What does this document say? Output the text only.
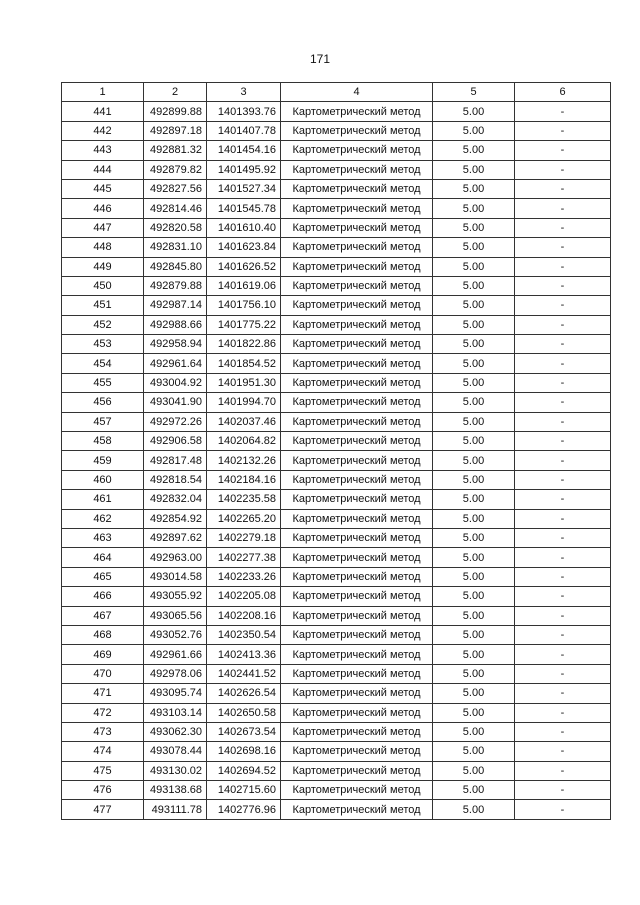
171
1	2	3	4	5	6
441	492899.88	1401393.76	Картометрический метод	5.00	-
442	492897.18	1401407.78	Картометрический метод	5.00	-
443	492881.32	1401454.16	Картометрический метод	5.00	-
444	492879.82	1401495.92	Картометрический метод	5.00	-
445	492827.56	1401527.34	Картометрический метод	5.00	-
446	492814.46	1401545.78	Картометрический метод	5.00	-
447	492820.58	1401610.40	Картометрический метод	5.00	-
448	492831.10	1401623.84	Картометрический метод	5.00	-
449	492845.80	1401626.52	Картометрический метод	5.00	-
450	492879.88	1401619.06	Картометрический метод	5.00	-
451	492987.14	1401756.10	Картометрический метод	5.00	-
452	492988.66	1401775.22	Картометрический метод	5.00	-
453	492958.94	1401822.86	Картометрический метод	5.00	-
454	492961.64	1401854.52	Картометрический метод	5.00	-
455	493004.92	1401951.30	Картометрический метод	5.00	-
456	493041.90	1401994.70	Картометрический метод	5.00	-
457	492972.26	1402037.46	Картометрический метод	5.00	-
458	492906.58	1402064.82	Картометрический метод	5.00	-
459	492817.48	1402132.26	Картометрический метод	5.00	-
460	492818.54	1402184.16	Картометрический метод	5.00	-
461	492832.04	1402235.58	Картометрический метод	5.00	-
462	492854.92	1402265.20	Картометрический метод	5.00	-
463	492897.62	1402279.18	Картометрический метод	5.00	-
464	492963.00	1402277.38	Картометрический метод	5.00	-
465	493014.58	1402233.26	Картометрический метод	5.00	-
466	493055.92	1402205.08	Картометрический метод	5.00	-
467	493065.56	1402208.16	Картометрический метод	5.00	-
468	493052.76	1402350.54	Картометрический метод	5.00	-
469	492961.66	1402413.36	Картометрический метод	5.00	-
470	492978.06	1402441.52	Картометрический метод	5.00	-
471	493095.74	1402626.54	Картометрический метод	5.00	-
472	493103.14	1402650.58	Картометрический метод	5.00	-
473	493062.30	1402673.54	Картометрический метод	5.00	-
474	493078.44	1402698.16	Картометрический метод	5.00	-
475	493130.02	1402694.52	Картометрический метод	5.00	-
476	493138.68	1402715.60	Картометрический метод	5.00	-
477	493111.78	1402776.96	Картометрический метод	5.00	-
